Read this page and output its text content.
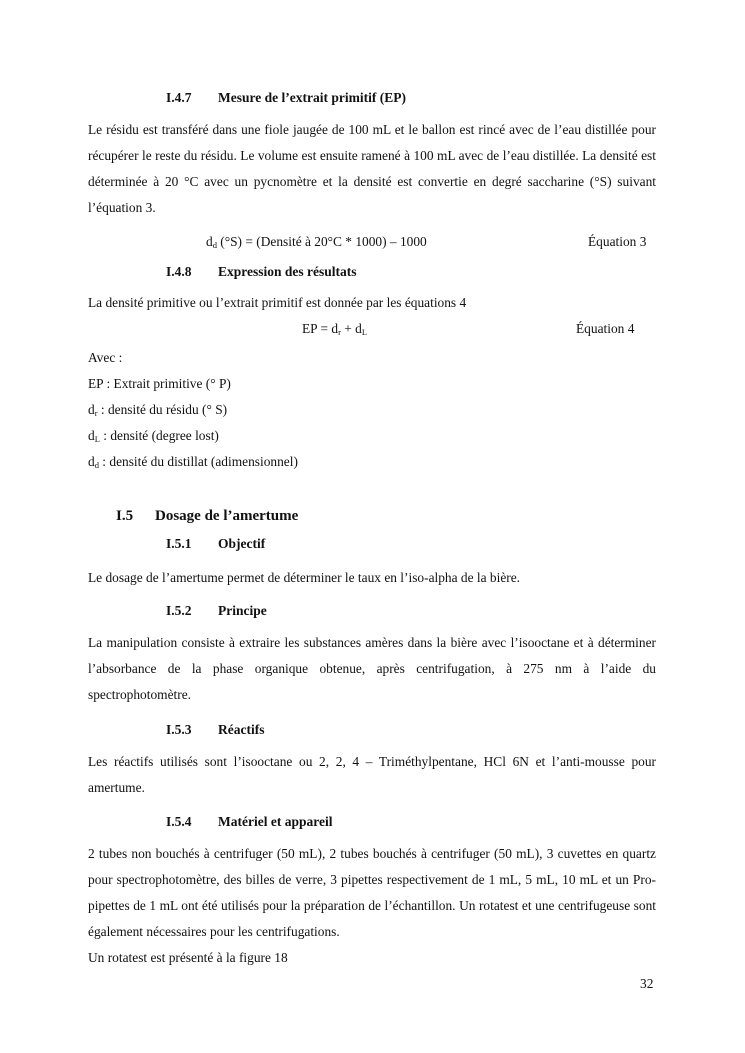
I.4.7 Mesure de l’extrait primitif (EP)

Le résidu est transféré dans une fiole jaugée de 100 mL et le ballon est rincé avec de l’eau distillée pour récupérer le reste du résidu. Le volume est ensuite ramené à 100 mL avec de l’eau distillée. La densité est déterminée à 20 °C avec un pycnomètre et la densité est convertie en degré saccharine (°S) suivant l’équation 3.

$d_d$ (°S) = (Densité à 20°C * 1000) – 1000	Équation 3
I.4.8 Expression des résultats
La densité primitive ou l’extrait primitif est donnée par les équations 4
EP = $d_r + d_L$	Équation 4
Avec :
EP : Extrait primitive (° P)
$d_r$ : densité du résidu (° S)
$d_L$ : densité (degree lost)
$d_d$ : densité du distillat (adimensionnel)
I.5 Dosage de l’amertume
I.5.1 Objectif
Le dosage de l’amertume permet de déterminer le taux en l’iso-alpha de la bière.
I.5.2 Principe

La manipulation consiste à extraire les substances amères dans la bière avec l’isooctane et à déterminer l’absorbance de la phase organique obtenue, après centrifugation, à 275 nm à l’aide du spectrophotomètre.

I.5.3 Réactifs

Les réactifs utilisés sont l’isooctane ou 2, 2, 4 – Triméthylpentane, HCl 6N et l’anti-mousse pour amertume.

I.5.4 Matériel et appareil

2 tubes non bouchés à centrifuger (50 mL), 2 tubes bouchés à centrifuger (50 mL), 3 cuvettes en quartz pour spectrophotomètre, des billes de verre, 3 pipettes respectivement de 1 mL, 5 mL, 10 mL et un Pro-pipettes de 1 mL ont été utilisés pour la préparation de l’échantillon. Un rotatest et une centrifugeuse sont également nécessaires pour les centrifugations.

Un rotatest est présenté à la figure 18
32
